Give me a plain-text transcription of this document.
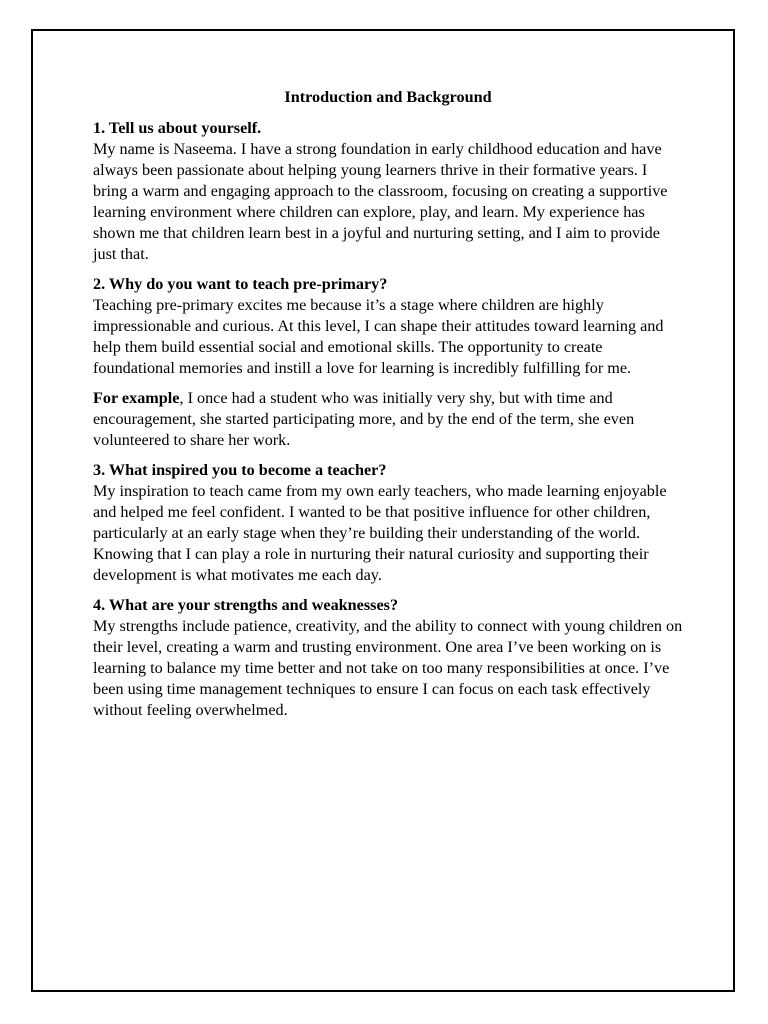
Introduction and Background

1. Tell us about yourself.

My name is Naseema. I have a strong foundation in early childhood education and have always been passionate about helping young learners thrive in their formative years. I bring a warm and engaging approach to the classroom, focusing on creating a supportive learning environment where children can explore, play, and learn. My experience has shown me that children learn best in a joyful and nurturing setting, and I aim to provide just that.

2. Why do you want to teach pre-primary?

Teaching pre-primary excites me because it’s a stage where children are highly impressionable and curious. At this level, I can shape their attitudes toward learning and help them build essential social and emotional skills. The opportunity to create foundational memories and instill a love for learning is incredibly fulfilling for me.

For example, I once had a student who was initially very shy, but with time and encouragement, she started participating more, and by the end of the term, she even volunteered to share her work.

3. What inspired you to become a teacher?

My inspiration to teach came from my own early teachers, who made learning enjoyable and helped me feel confident. I wanted to be that positive influence for other children, particularly at an early stage when they’re building their understanding of the world. Knowing that I can play a role in nurturing their natural curiosity and supporting their development is what motivates me each day.

4. What are your strengths and weaknesses?

My strengths include patience, creativity, and the ability to connect with young children on their level, creating a warm and trusting environment. One area I’ve been working on is learning to balance my time better and not take on too many responsibilities at once. I’ve been using time management techniques to ensure I can focus on each task effectively without feeling overwhelmed.
